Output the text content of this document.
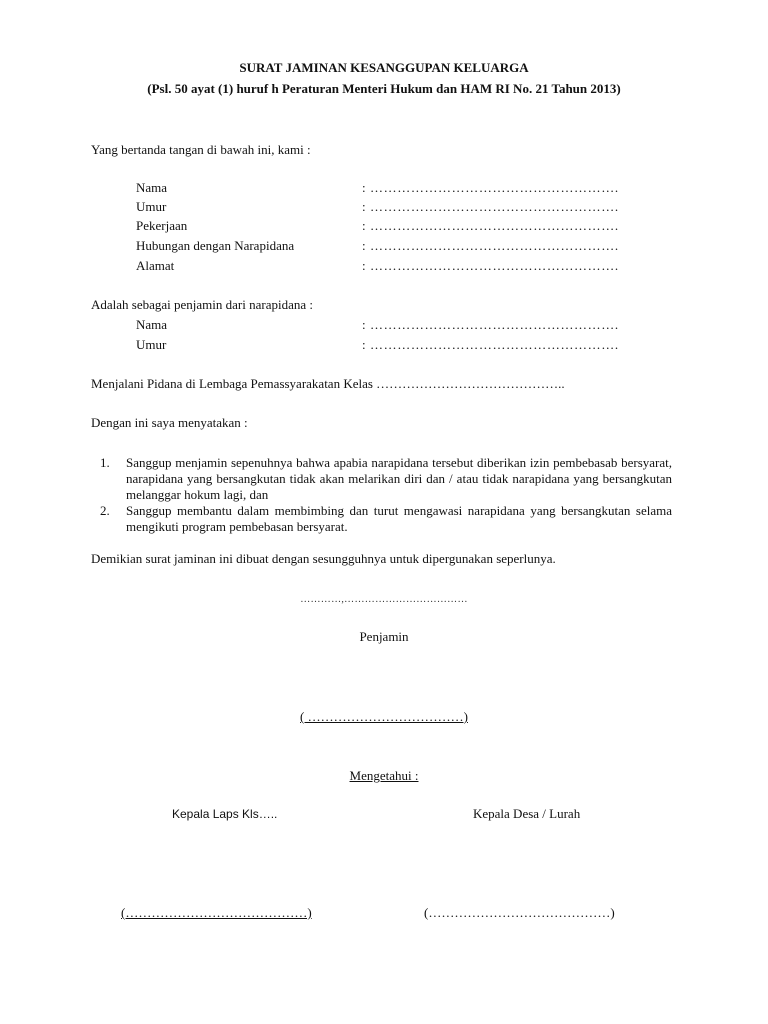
SURAT JAMINAN KESANGGUPAN KELUARGA
(Psl. 50 ayat (1) huruf h Peraturan Menteri Hukum dan HAM RI No. 21 Tahun 2013)
Yang bertanda tangan di bawah ini, kami :
Nama	: ……………………………………………….
Umur	: ……………………………………………….
Pekerjaan	: ……………………………………………….
Hubungan dengan Narapidana	: ……………………………………………….
Alamat	: ……………………………………………….
Adalah sebagai penjamin dari narapidana :
Nama	: ……………………………………………….
Umur	: ……………………………………………….
Menjalani Pidana di Lembaga Pemassyarakatan Kelas ……………………………………..
Dengan ini saya menyatakan :
1. Sanggup menjamin sepenuhnya bahwa apabia narapidana tersebut diberikan izin pembebasab bersyarat, narapidana yang bersangkutan tidak akan melarikan diri dan / atau tidak narapidana yang bersangkutan melanggar hokum lagi, dan
2. Sanggup membantu dalam membimbing dan turut mengawasi narapidana yang bersangkutan selama mengikuti program pembebasan bersyarat.
Demikian surat jaminan ini dibuat dengan sesungguhnya untuk dipergunakan seperlunya.
…………,………………………………
Penjamin
( ………………………………)
Mengetahui :
Kepala Laps Kls…..	Kepala Desa / Lurah
(……………………………………)	(……………………………………)
